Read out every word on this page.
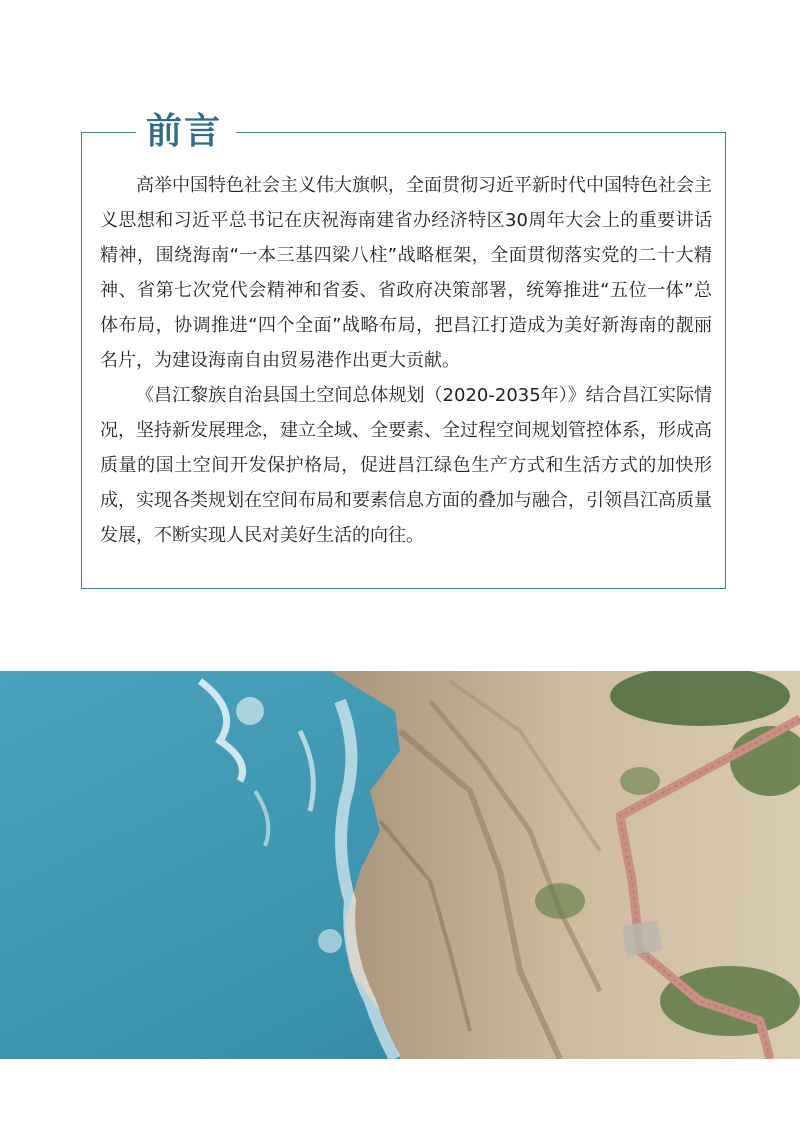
前言

高举中国特色社会主义伟大旗帜，全面贯彻习近平新时代中国特色社会主义思想和习近平总书记在庆祝海南建省办经济特区30周年大会上的重要讲话精神，围绕海南“一本三基四梁八柱”战略框架，全面贯彻落实党的二十大精神、省第七次党代会精神和省委、省政府决策部署，统筹推进“五位一体”总体布局，协调推进“四个全面”战略布局，把昌江打造成为美好新海南的靓丽名片，为建设海南自由贸易港作出更大贡献。

《昌江黎族自治县国土空间总体规划（2020-2035年）》结合昌江实际情况，坚持新发展理念，建立全域、全要素、全过程空间规划管控体系，形成高质量的国土空间开发保护格局，促进昌江绿色生产方式和生活方式的加快形成，实现各类规划在空间布局和要素信息方面的叠加与融合，引领昌江高质量发展，不断实现人民对美好生活的向往。
